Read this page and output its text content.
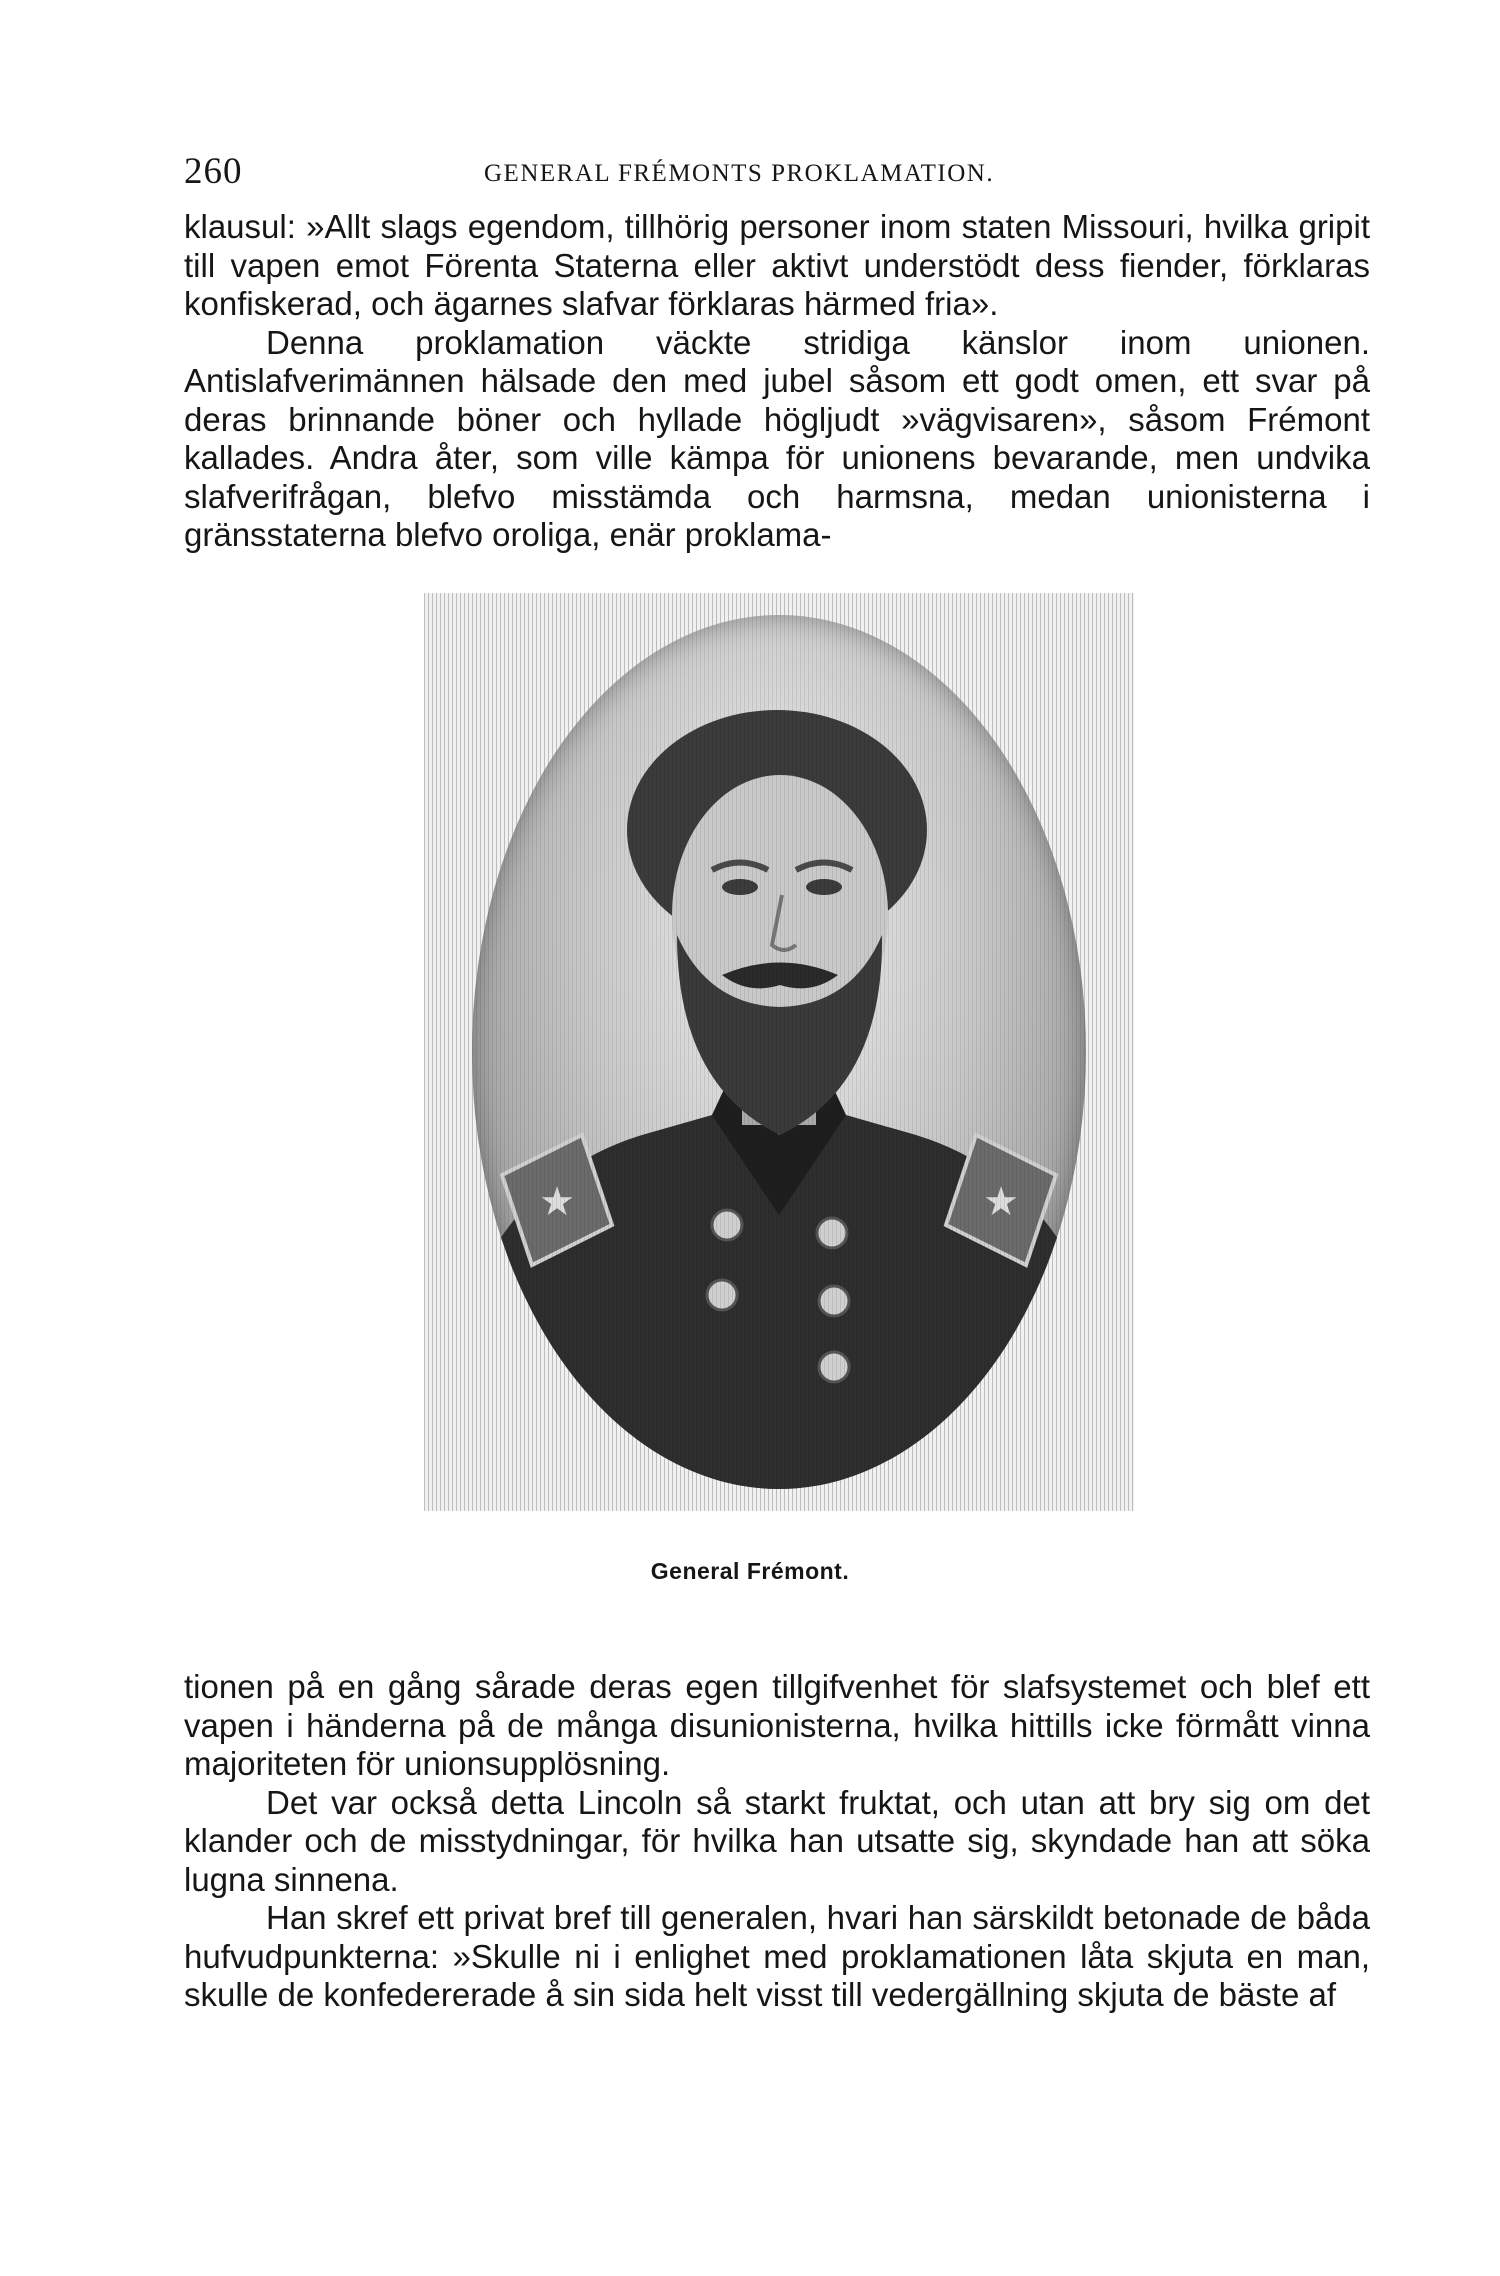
260	GENERAL FRÉMONTS PROKLAMATION.

klausul: »Allt slags egendom, tillhörig personer inom staten Missouri, hvilka gripit till vapen emot Förenta Staterna eller aktivt understödt dess fiender, förklaras konfiskerad, och ägarnes slafvar förklaras härmed fria».

Denna proklamation väckte stridiga känslor inom unionen. Antislafverimännen hälsade den med jubel såsom ett godt omen, ett svar på deras brinnande böner och hyllade högljudt »vägvisaren», såsom Frémont kallades. Andra åter, som ville kämpa för unionens bevarande, men undvika slafverifrågan, blefvo misstämda och harmsna, medan unionisterna i gränsstaterna blefvo oroliga, enär proklama-

General Frémont.

tionen på en gång sårade deras egen tillgifvenhet för slafsystemet och blef ett vapen i händerna på de många disunionisterna, hvilka hittills icke förmått vinna majoriteten för unionsupplösning.

Det var också detta Lincoln så starkt fruktat, och utan att bry sig om det klander och de misstydningar, för hvilka han utsatte sig, skyndade han att söka lugna sinnena.

Han skref ett privat bref till generalen, hvari han särskildt betonade de båda hufvudpunkterna: »Skulle ni i enlighet med proklamationen låta skjuta en man, skulle de konfedererade å sin sida helt visst till vedergällning skjuta de bäste af
